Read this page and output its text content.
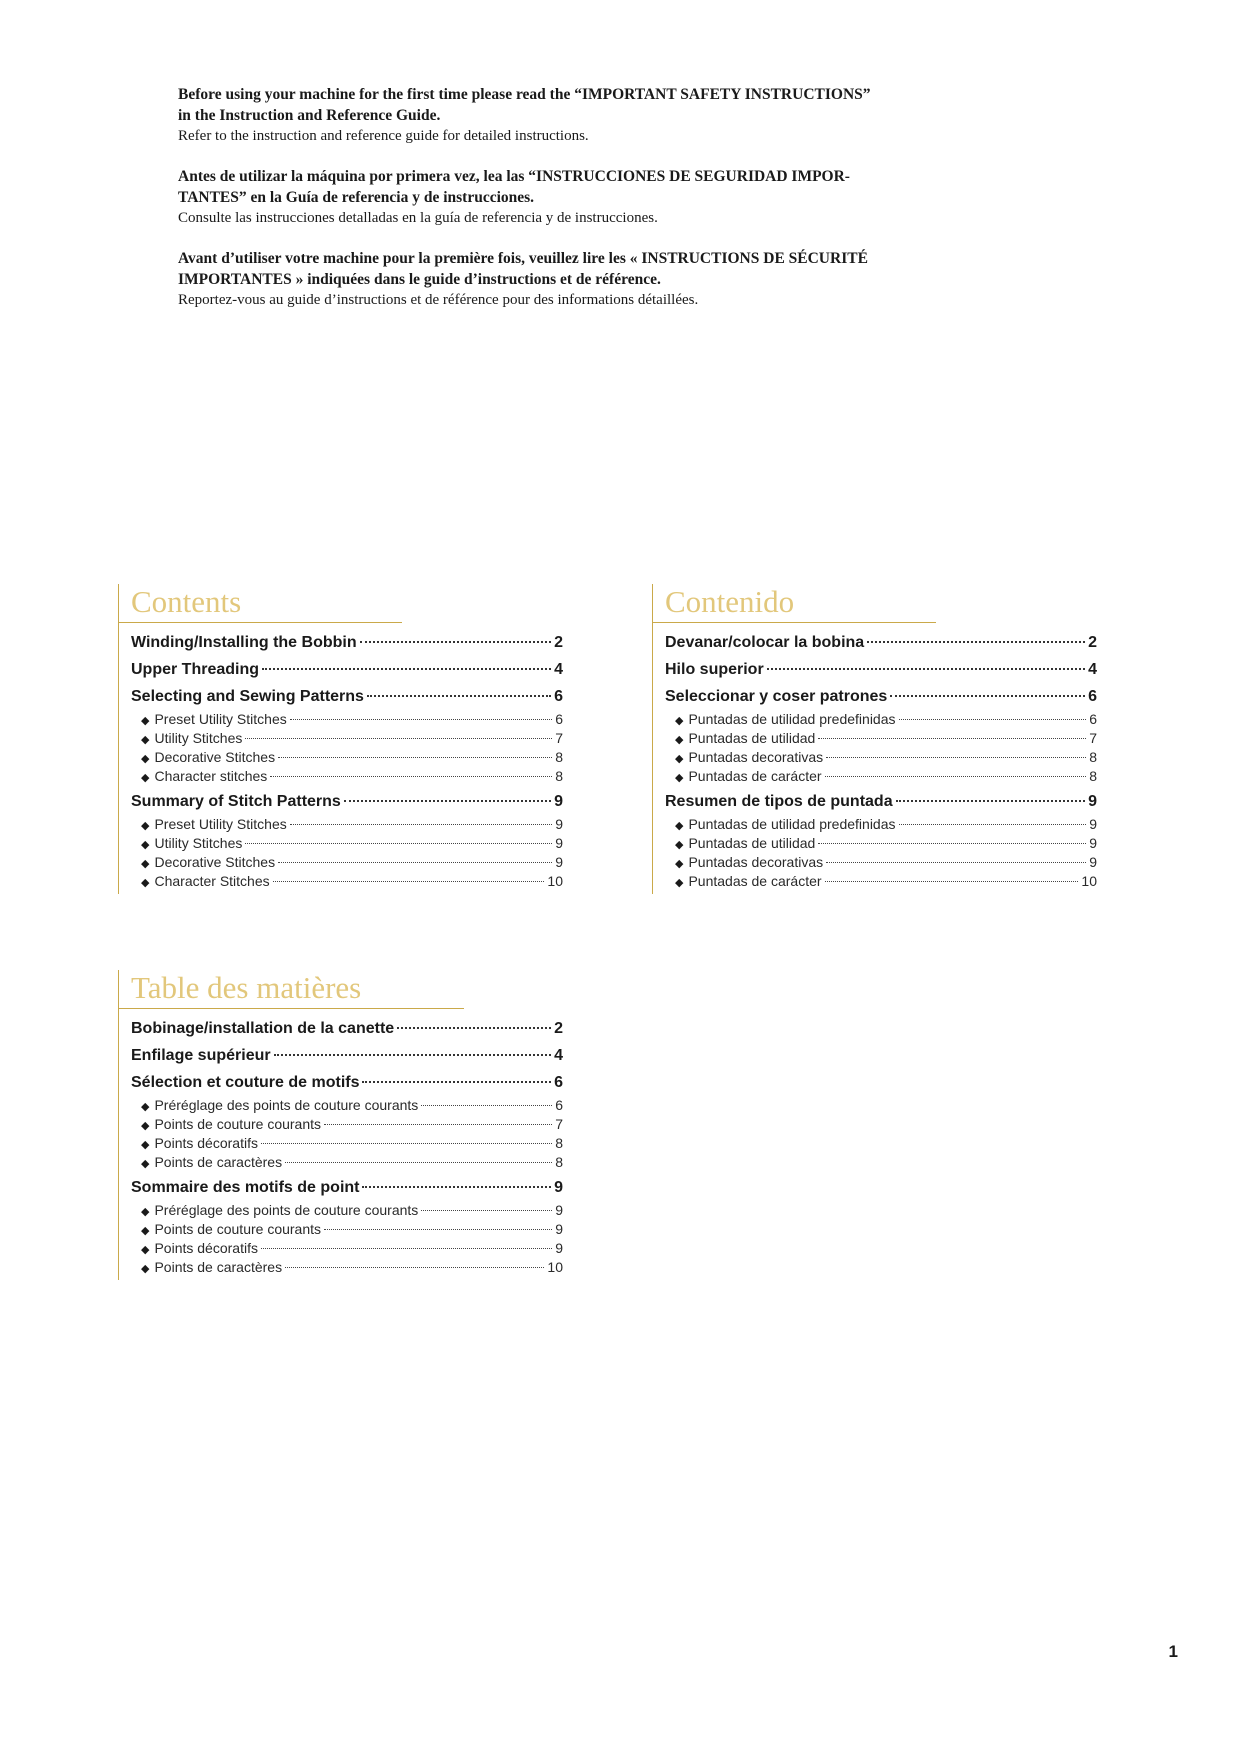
Before using your machine for the first time please read the “IMPORTANT SAFETY INSTRUCTIONS”
in the Instruction and Reference Guide.

Refer to the instruction and reference guide for detailed instructions.

Antes de utilizar la máquina por primera vez, lea las “INSTRUCCIONES DE SEGURIDAD IMPOR-
TANTES” en la Guía de referencia y de instrucciones.

Consulte las instrucciones detalladas en la guía de referencia y de instrucciones.

Avant d’utiliser votre machine pour la première fois, veuillez lire les « INSTRUCTIONS DE SÉCURITÉ
IMPORTANTES » indiquées dans le guide d’instructions et de référence.

Reportez-vous au guide d’instructions et de référence pour des informations détaillées.

Contents
Winding/Installing the Bobbin	2
Upper Threading	4
Selecting and Sewing Patterns	6
◆ Preset Utility Stitches	6
◆ Utility Stitches	7
◆ Decorative Stitches	8
◆ Character stitches	8
Summary of Stitch Patterns	9
◆ Preset Utility Stitches	9
◆ Utility Stitches	9
◆ Decorative Stitches	9
◆ Character Stitches	10
Contenido
Devanar/colocar la bobina	2
Hilo superior	4
Seleccionar y coser patrones	6
◆ Puntadas de utilidad predefinidas	6
◆ Puntadas de utilidad	7
◆ Puntadas decorativas	8
◆ Puntadas de carácter	8
Resumen de tipos de puntada	9
◆ Puntadas de utilidad predefinidas	9
◆ Puntadas de utilidad	9
◆ Puntadas decorativas	9
◆ Puntadas de carácter	10
Table des matières
Bobinage/installation de la canette	2
Enfilage supérieur	4
Sélection et couture de motifs	6
◆ Préréglage des points de couture courants	6
◆ Points de couture courants	7
◆ Points décoratifs	8
◆ Points de caractères	8
Sommaire des motifs de point	9
◆ Préréglage des points de couture courants	9
◆ Points de couture courants	9
◆ Points décoratifs	9
◆ Points de caractères	10
1
